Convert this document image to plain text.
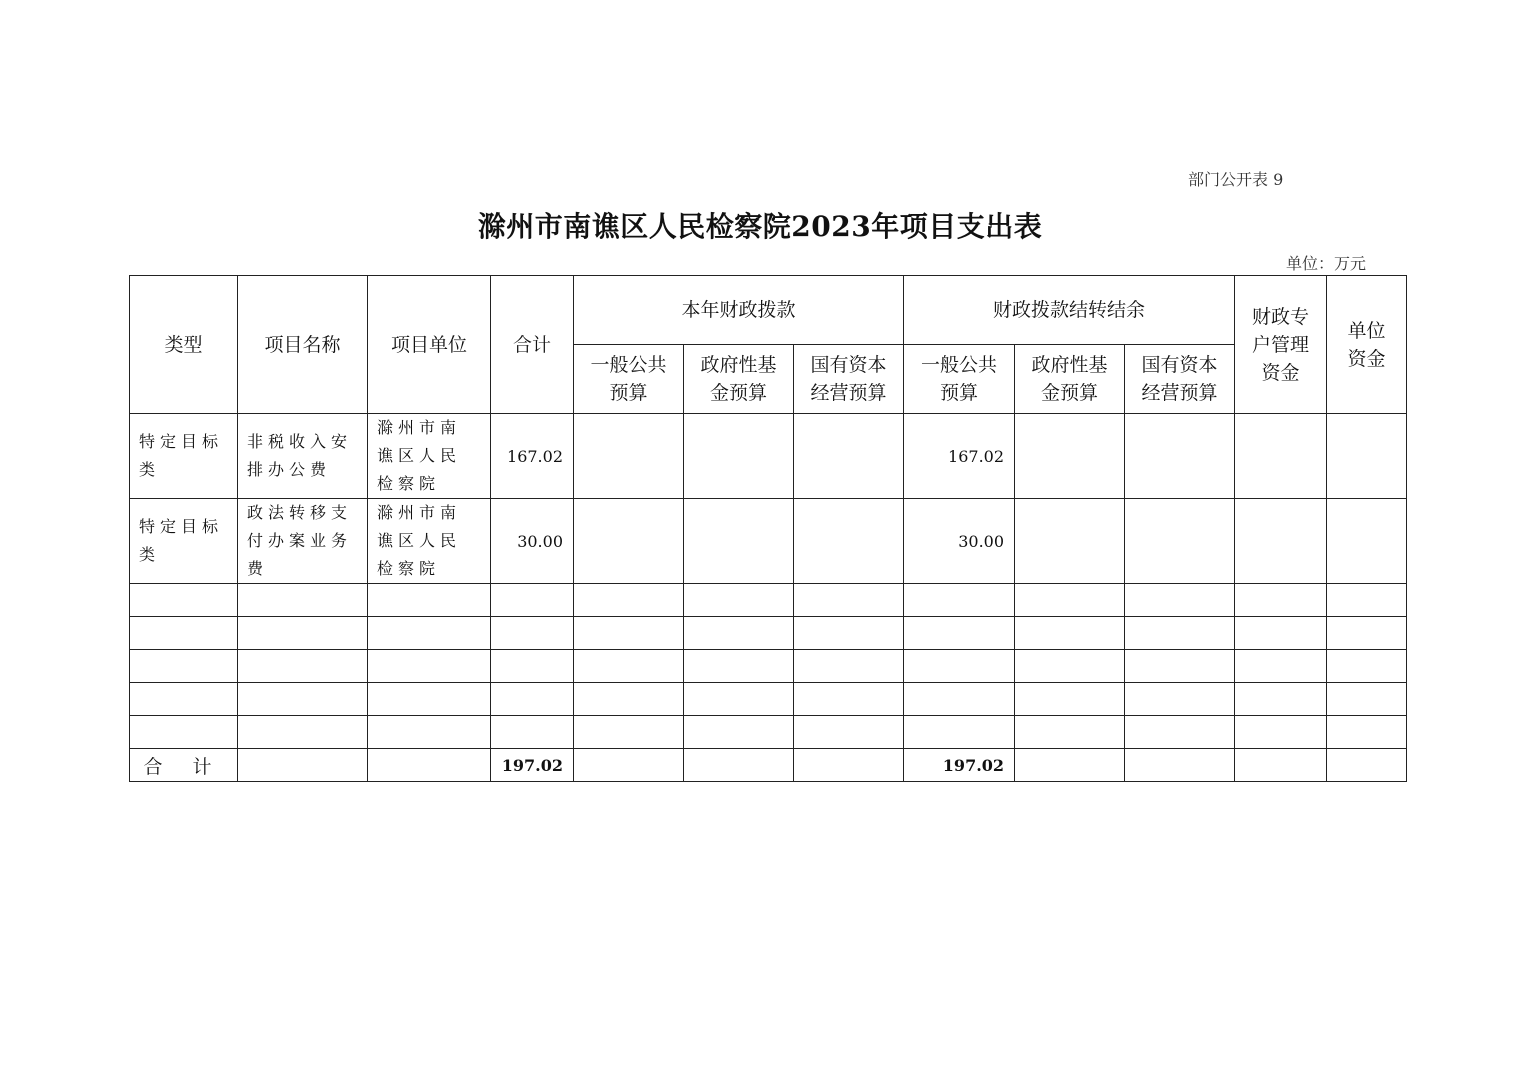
部门公开表 9
滁州市南谯区人民检察院2023年项目支出表
单位：万元
类型	项目名称	项目单位	合计	本年财政拨款			财政拨款结转结余			财政专户管理资金	单位资金
				一般公共预算	政府性基金预算	国有资本经营预算	一般公共预算	政府性基金预算	国有资本经营预算		
特定目标类	非税收入安排办公费	滁州市南谯区人民检察院	167.02				167.02				
特定目标类	政法转移支付办案业务费	滁州市南谯区人民检察院	30.00				30.00				

合 计			197.02				197.02				
